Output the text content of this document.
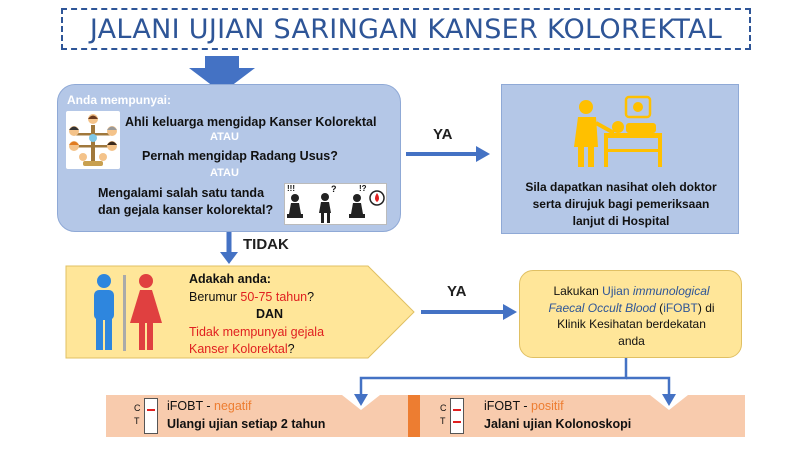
JALANI UJIAN SARINGAN KANSER KOLOREKTAL
Anda mempunyai:
Ahli keluarga mengidap Kanser Kolorektal
ATAU
Pernah mengidap Radang Usus?
ATAU
Mengalami salah satu tanda
dan gejala kanser kolorektal?
!!!	?	!?
YA
TIDAK
Sila dapatkan nasihat oleh doktor
serta dirujuk bagi pemeriksaan
lanjut di Hospital
Adakah anda:
Berumur 50-75 tahun?
DAN
Tidak mempunyai gejala
Kanser Kolorektal?
YA	Lakukan Ujian immunological
Faecal Occult Blood (iFOBT) di
Klinik Kesihatan berdekatan
anda
C
T
iFOBT - negatif
Ulangi ujian setiap 2 tahun
C
T
iFOBT - positif
Jalani ujian Kolonoskopi
